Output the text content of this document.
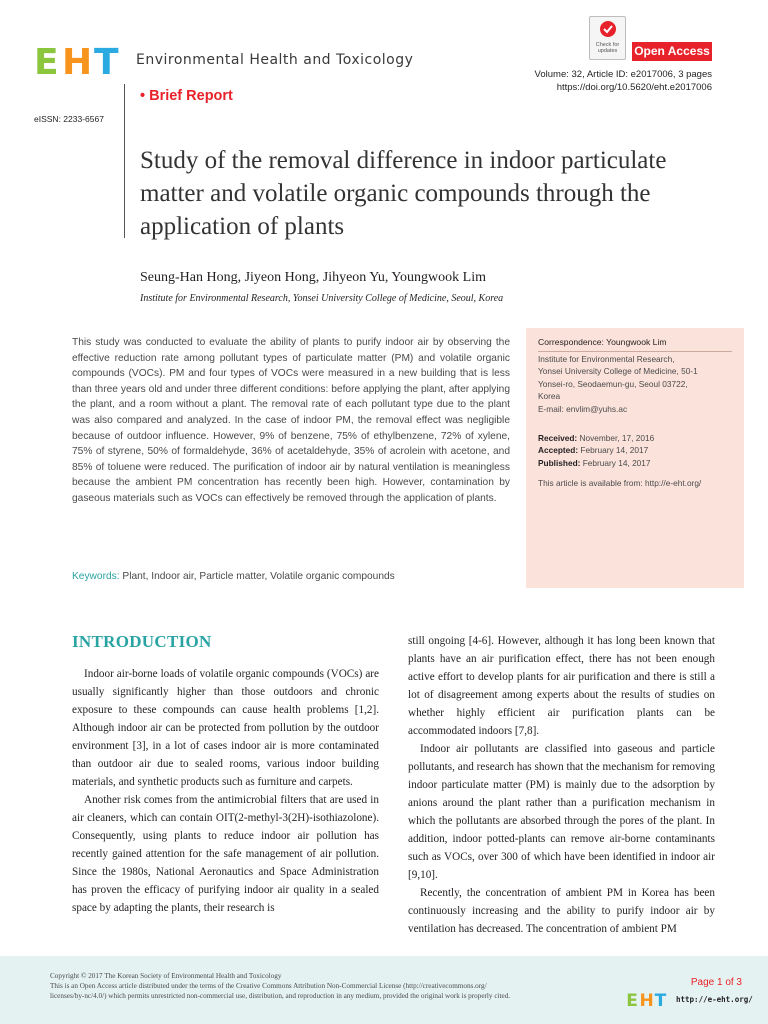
E H T Environmental Health and Toxicology
Check for updates	Open Access
Volume: 32, Article ID: e2017006, 3 pages
https://doi.org/10.5620/eht.e2017006
• Brief Report
eISSN: 2233-6567
Study of the removal difference in indoor particulate matter and volatile organic compounds through the application of plants
Seung-Han Hong, Jiyeon Hong, Jihyeon Yu, Youngwook Lim
Institute for Environmental Research, Yonsei University College of Medicine, Seoul, Korea
This study was conducted to evaluate the ability of plants to purify indoor air by observing the effective reduction rate among pollutant types of particulate matter (PM) and volatile organic compounds (VOCs). PM and four types of VOCs were measured in a new building that is less than three years old and under three different conditions: before applying the plant, after applying the plant, and a room without a plant. The removal rate of each pollutant type due to the plant was also compared and analyzed. In the case of indoor PM, the removal effect was negligible because of outdoor influence. However, 9% of benzene, 75% of ethylbenzene, 72% of xylene, 75% of styrene, 50% of formaldehyde, 36% of acetaldehyde, 35% of acrolein with acetone, and 85% of toluene were reduced. The purification of indoor air by natural ventilation is meaningless because the ambient PM concentration has recently been high. However, contamination by gaseous materials such as VOCs can effectively be removed through the application of plants.
Keywords: Plant, Indoor air, Particle matter, Volatile organic compounds
Correspondence: Youngwook Lim
Institute for Environmental Research,
Yonsei University College of Medicine, 50-1
Yonsei-ro, Seodaemun-gu, Seoul 03722,
Korea
E-mail: envlim@yuhs.ac
Received: November, 17, 2016
Accepted: February 14, 2017
Published: February 14, 2017
This article is available from: http://e-eht.org/
INTRODUCTION

Indoor air-borne loads of volatile organic compounds (VOCs) are usually significantly higher than those outdoors and chronic exposure to these compounds can cause health problems [1,2]. Although indoor air can be protected from pollution by the outdoor environment [3], in a lot of cases indoor air is more contaminated than outdoor air due to sealed rooms, various indoor building materials, and synthetic products such as furniture and carpets.

Another risk comes from the antimicrobial filters that are used in air cleaners, which can contain OIT(2-methyl-3(2H)-isothiazolone). Consequently, using plants to reduce indoor air pollution has recently gained attention for the safe management of air pollution. Since the 1980s, National Aeronautics and Space Administration has proven the efficacy of purifying indoor air quality in a sealed space by adapting the plants, their research is

still ongoing [4-6]. However, although it has long been known that plants have an air purification effect, there has not been enough active effort to develop plants for air purification and there is still a lot of disagreement among experts about the results of studies on whether highly efficient air purification plants can be accommodated indoors [7,8].

Indoor air pollutants are classified into gaseous and particle pollutants, and research has shown that the mechanism for removing indoor particulate matter (PM) is mainly due to the adsorption by anions around the plant rather than a purification mechanism in which the pollutants are absorbed through the pores of the plant. In addition, indoor potted-plants can remove air-borne contaminants such as VOCs, over 300 of which have been identified in indoor air [9,10].

Recently, the concentration of ambient PM in Korea has been continuously increasing and the ability to purify indoor air by ventilation has decreased. The concentration of ambient PM

Copyright © 2017 The Korean Society of Environmental Health and Toxicology
This is an Open Access article distributed under the terms of the Creative Commons Attribution Non-Commercial License (http://creativecommons.org/
licenses/by-nc/4.0/) which permits unrestricted non-commercial use, distribution, and reproduction in any medium, provided the original work is properly cited.
Page 1 of 3
E H T http://e-eht.org/
